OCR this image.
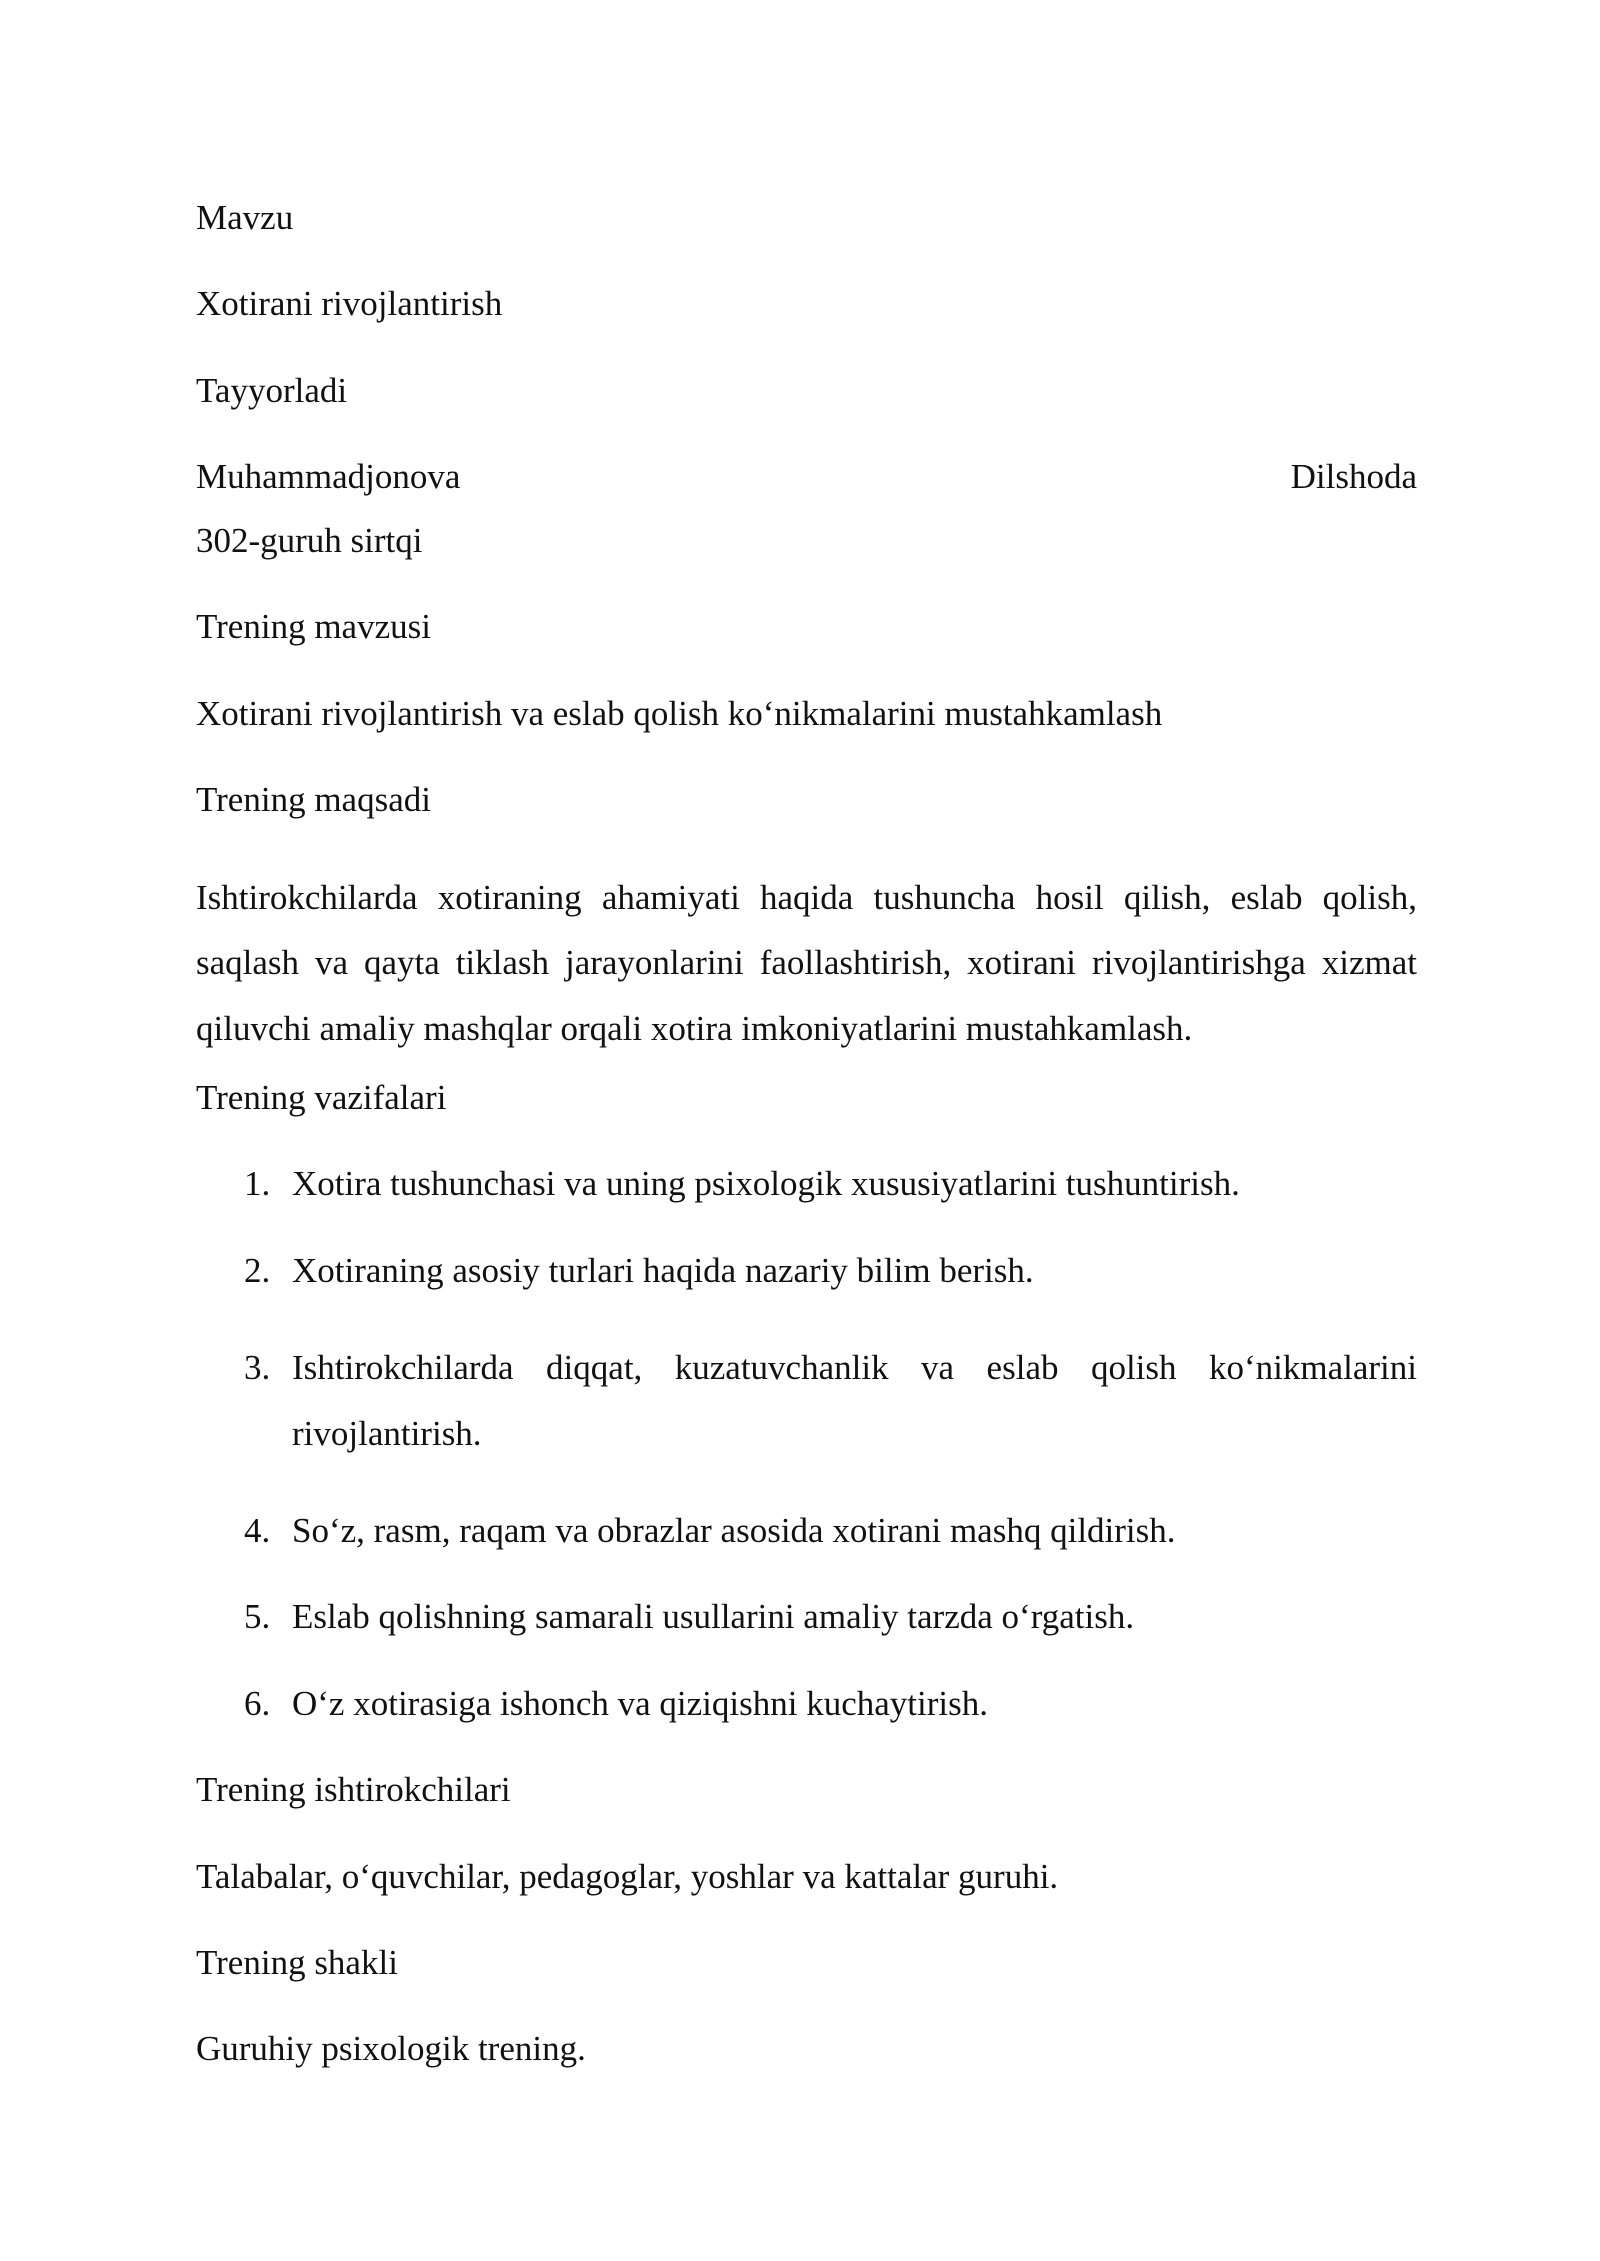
Mavzu

Xotirani rivojlantirish

Tayyorladi

Muhammadjonova	Dilshoda

302-guruh sirtqi

Trening mavzusi

Xotirani rivojlantirish va eslab qolish ko‘nikmalarini mustahkamlash

Trening maqsadi

Ishtirokchilarda xotiraning ahamiyati haqida tushuncha hosil qilish, eslab qolish, saqlash va qayta tiklash jarayonlarini faollashtirish, xotirani rivojlantirishga xizmat qiluvchi amaliy mashqlar orqali xotira imkoniyatlarini mustahkamlash.

Trening vazifalari

1. Xotira tushunchasi va uning psixologik xususiyatlarini tushuntirish.
2. Xotiraning asosiy turlari haqida nazariy bilim berish.
3. Ishtirokchilarda diqqat, kuzatuvchanlik va eslab qolish ko‘nikmalarini rivojlantirish.
4. So‘z, rasm, raqam va obrazlar asosida xotirani mashq qildirish.
5. Eslab qolishning samarali usullarini amaliy tarzda o‘rgatish.
6. O‘z xotirasiga ishonch va qiziqishni kuchaytirish.

Trening ishtirokchilari

Talabalar, o‘quvchilar, pedagoglar, yoshlar va kattalar guruhi.

Trening shakli

Guruhiy psixologik trening.
